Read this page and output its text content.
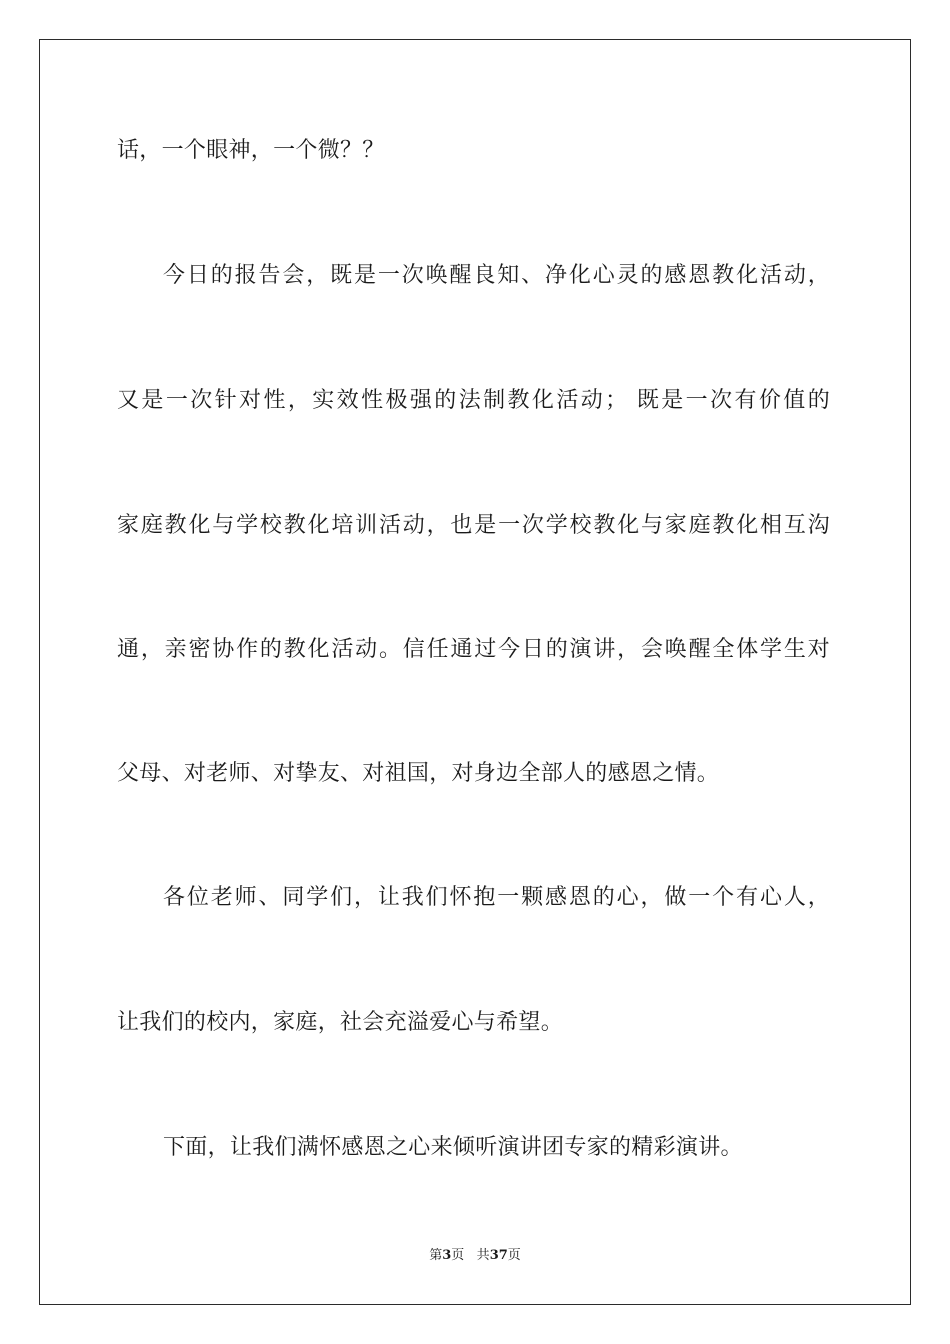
话，一个眼神，一个微？？
今日的报告会，既是一次唤醒良知、净化心灵的感恩教化活动，
又是一次针对性，实效性极强的法制教化活动； 既是一次有价值的
家庭教化与学校教化培训活动，也是一次学校教化与家庭教化相互沟
通，亲密协作的教化活动。信任通过今日的演讲，会唤醒全体学生对
父母、对老师、对挚友、对祖国，对身边全部人的感恩之情。
各位老师、同学们，让我们怀抱一颗感恩的心，做一个有心人，
让我们的校内，家庭，社会充溢爱心与希望。
下面，让我们满怀感恩之心来倾听演讲团专家的精彩演讲。
第3页 共37页
